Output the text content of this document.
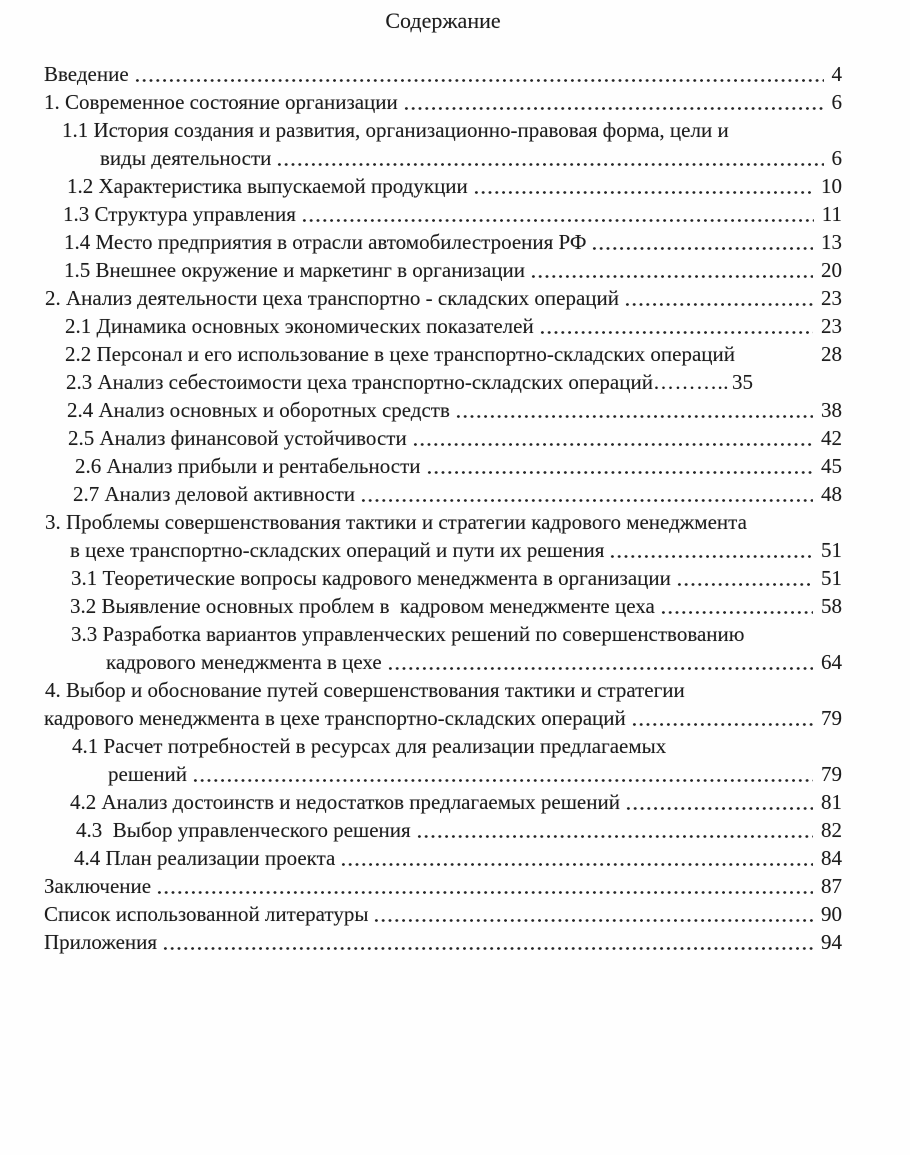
Содержание
Введение	4
1. Современное состояние организации	6
1.1 История создания и развития, организационно-правовая форма, цели и
виды деятельности	6
1.2 Характеристика выпускаемой продукции	10
1.3 Структура управления	11
1.4 Место предприятия в отрасли автомобилестроения РФ	13
1.5 Внешнее окружение и маркетинг в организации	20
2. Анализ деятельности цеха транспортно - складских операций	23
2.1 Динамика основных экономических показателей	23
2.2 Персонал и его использование в цехе транспортно-складских операций	28
2.3 Анализ себестоимости цеха транспортно-складских операций ……….. 35
2.4 Анализ основных и оборотных средств	38
2.5 Анализ финансовой устойчивости	42
2.6 Анализ прибыли и рентабельности	45
2.7 Анализ деловой активности	48
3. Проблемы совершенствования тактики и стратегии кадрового менеджмента
в цехе транспортно-складских операций и пути их решения	51
3.1 Теоретические вопросы кадрового менеджмента в организации	51
3.2 Выявление основных проблем в  кадровом менеджменте цеха	58
3.3 Разработка вариантов управленческих решений по совершенствованию
кадрового менеджмента в цехе	64
4. Выбор и обоснование путей совершенствования тактики и стратегии
кадрового менеджмента в цехе транспортно-складских операций	79
4.1 Расчет потребностей в ресурсах для реализации предлагаемых
решений	79
4.2 Анализ достоинств и недостатков предлагаемых решений	81
4.3  Выбор управленческого решения	82
4.4 План реализации проекта	84
Заключение	87
Список использованной литературы	90
Приложения	94
